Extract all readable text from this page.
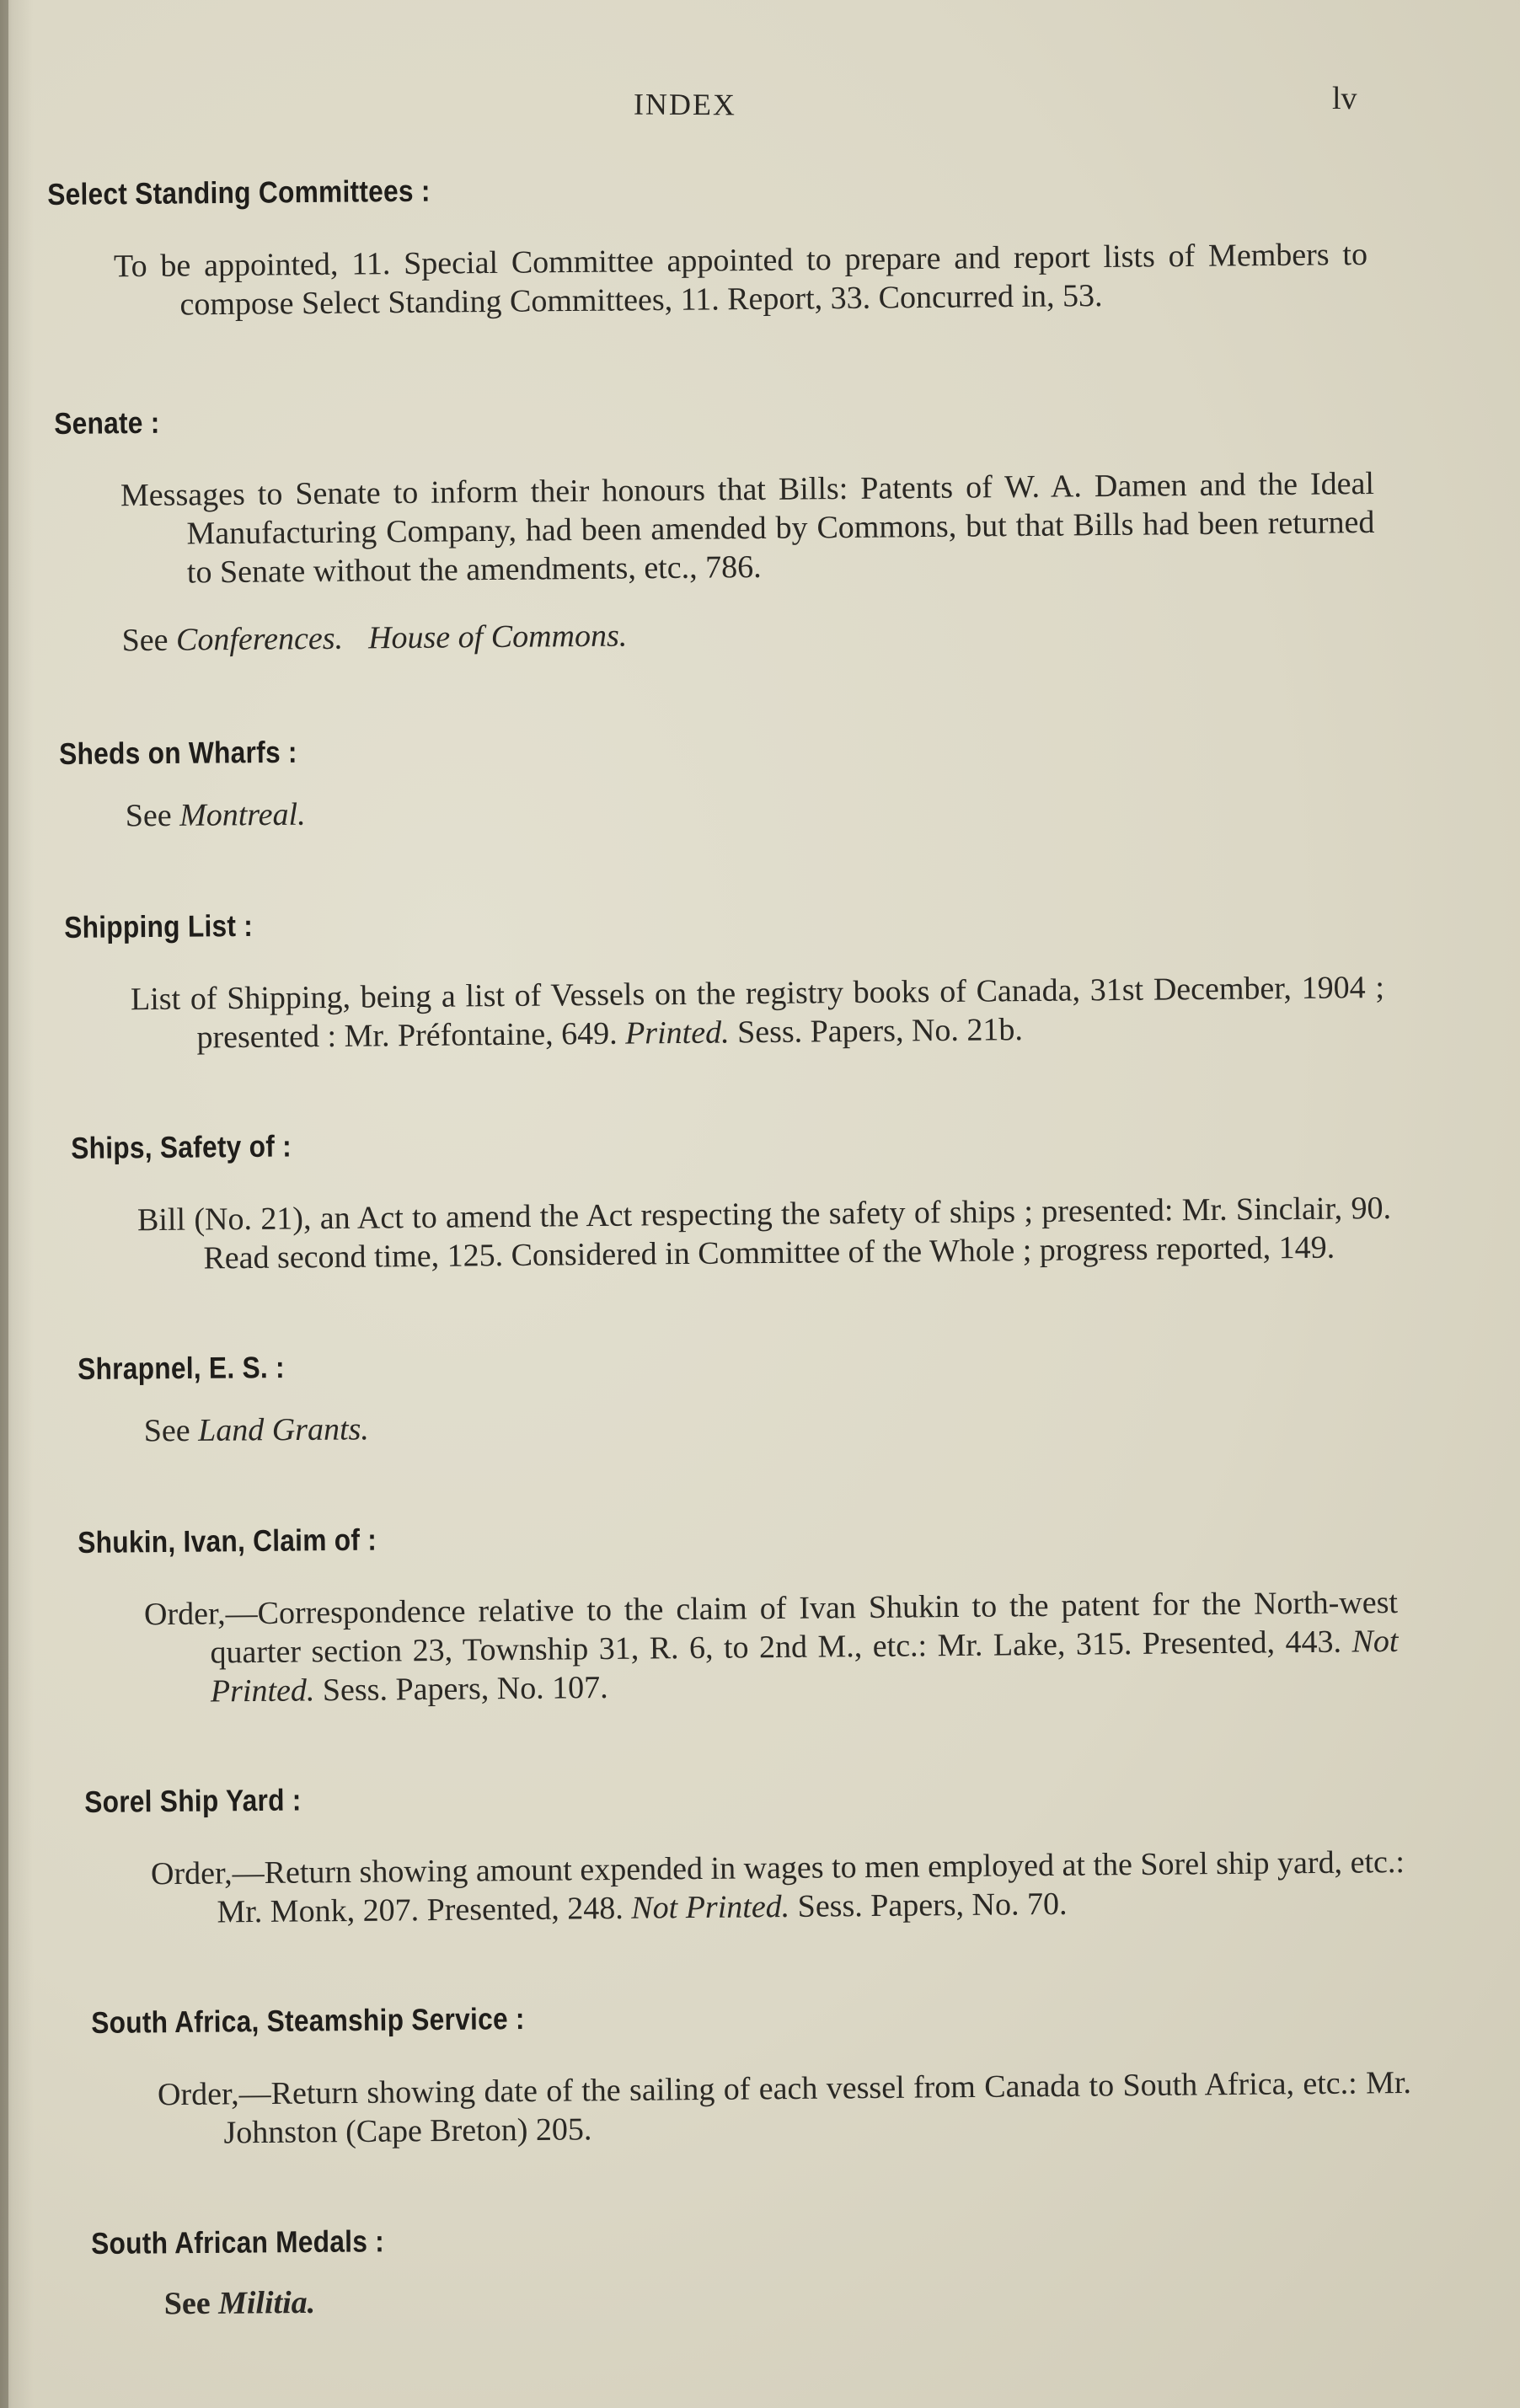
INDEX	lv
Select Standing Committees :
To be appointed, 11. Special Committee appointed to prepare and report lists of Members to compose Select Standing Committees, 11. Report, 33. Concurred in, 53.
Senate :
Messages to Senate to inform their honours that Bills: Patents of W. A. Damen and the Ideal Manufacturing Company, had been amended by Commons, but that Bills had been returned to Senate without the amendments, etc., 786.
See Conferences. House of Commons.
Sheds on Wharfs :
See Montreal.
Shipping List :
List of Shipping, being a list of Vessels on the registry books of Canada, 31st December, 1904 ; presented : Mr. Préfontaine, 649. Printed. Sess. Papers, No. 21b.
Ships, Safety of :
Bill (No. 21), an Act to amend the Act respecting the safety of ships ; presented: Mr. Sinclair, 90. Read second time, 125. Considered in Committee of the Whole ; progress reported, 149.
Shrapnel, E. S. :
See Land Grants.
Shukin, Ivan, Claim of :
Order,—Correspondence relative to the claim of Ivan Shukin to the patent for the North-west quarter section 23, Township 31, R. 6, to 2nd M., etc.: Mr. Lake, 315. Presented, 443. Not Printed. Sess. Papers, No. 107.
Sorel Ship Yard :
Order,—Return showing amount expended in wages to men employed at the Sorel ship yard, etc.: Mr. Monk, 207. Presented, 248. Not Printed. Sess. Papers, No. 70.
South Africa, Steamship Service :
Order,—Return showing date of the sailing of each vessel from Canada to South Africa, etc.: Mr. Johnston (Cape Breton) 205.
South African Medals :
See Militia.
